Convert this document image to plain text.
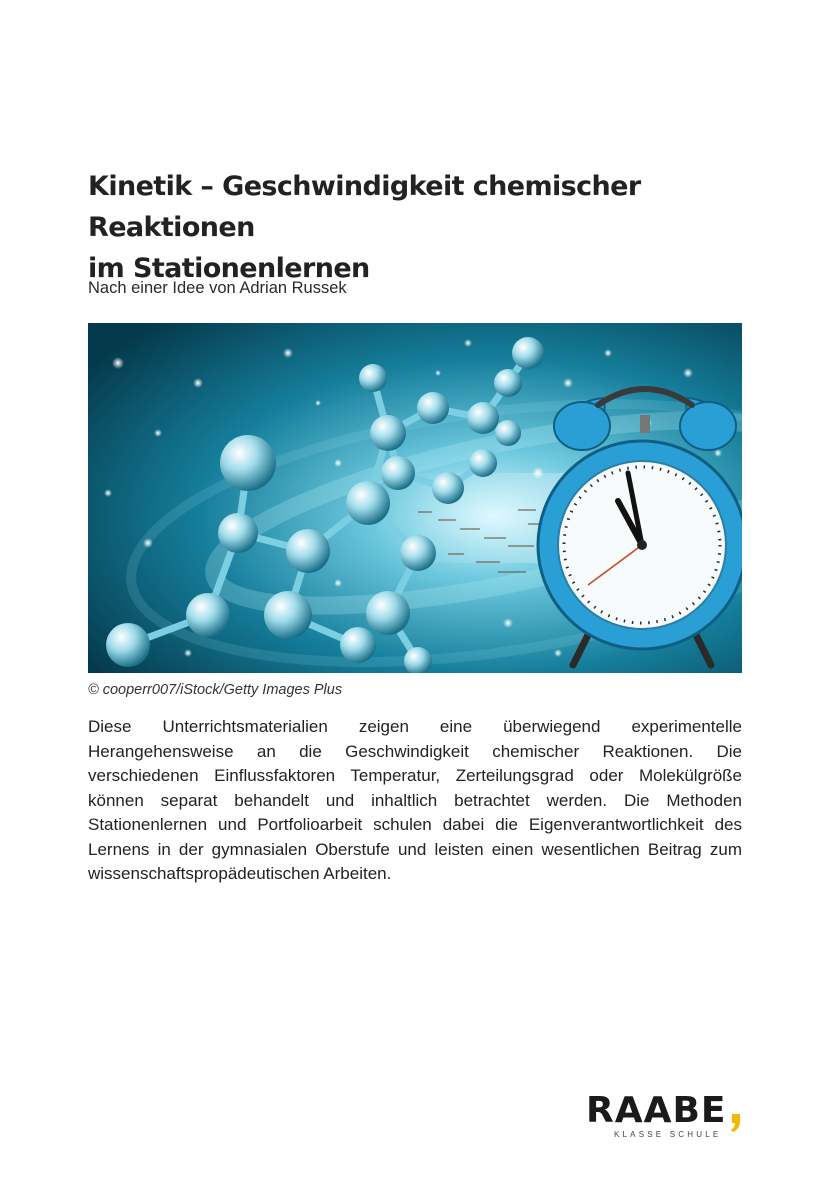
Kinetik – Geschwindigkeit chemischer Reaktionen
im Stationenlernen
Nach einer Idee von Adrian Russek
© cooperr007/iStock/Getty Images Plus

Diese Unterrichtsmaterialien zeigen eine überwiegend experimentelle Herangehensweise an die Geschwindigkeit chemischer Reaktionen. Die verschiedenen Einflussfaktoren Temperatur, Zerteilungsgrad oder Molekülgröße können separat behandelt und inhaltlich betrachtet werden. Die Methoden Stationenlernen und Portfolioarbeit schulen dabei die Eigenverantwortlichkeit des Lernens in der gymnasialen Oberstufe und leisten einen wesentlichen Beitrag zum wissenschaftspropädeutischen Arbeiten.

RAABE
KLASSE SCHULE
